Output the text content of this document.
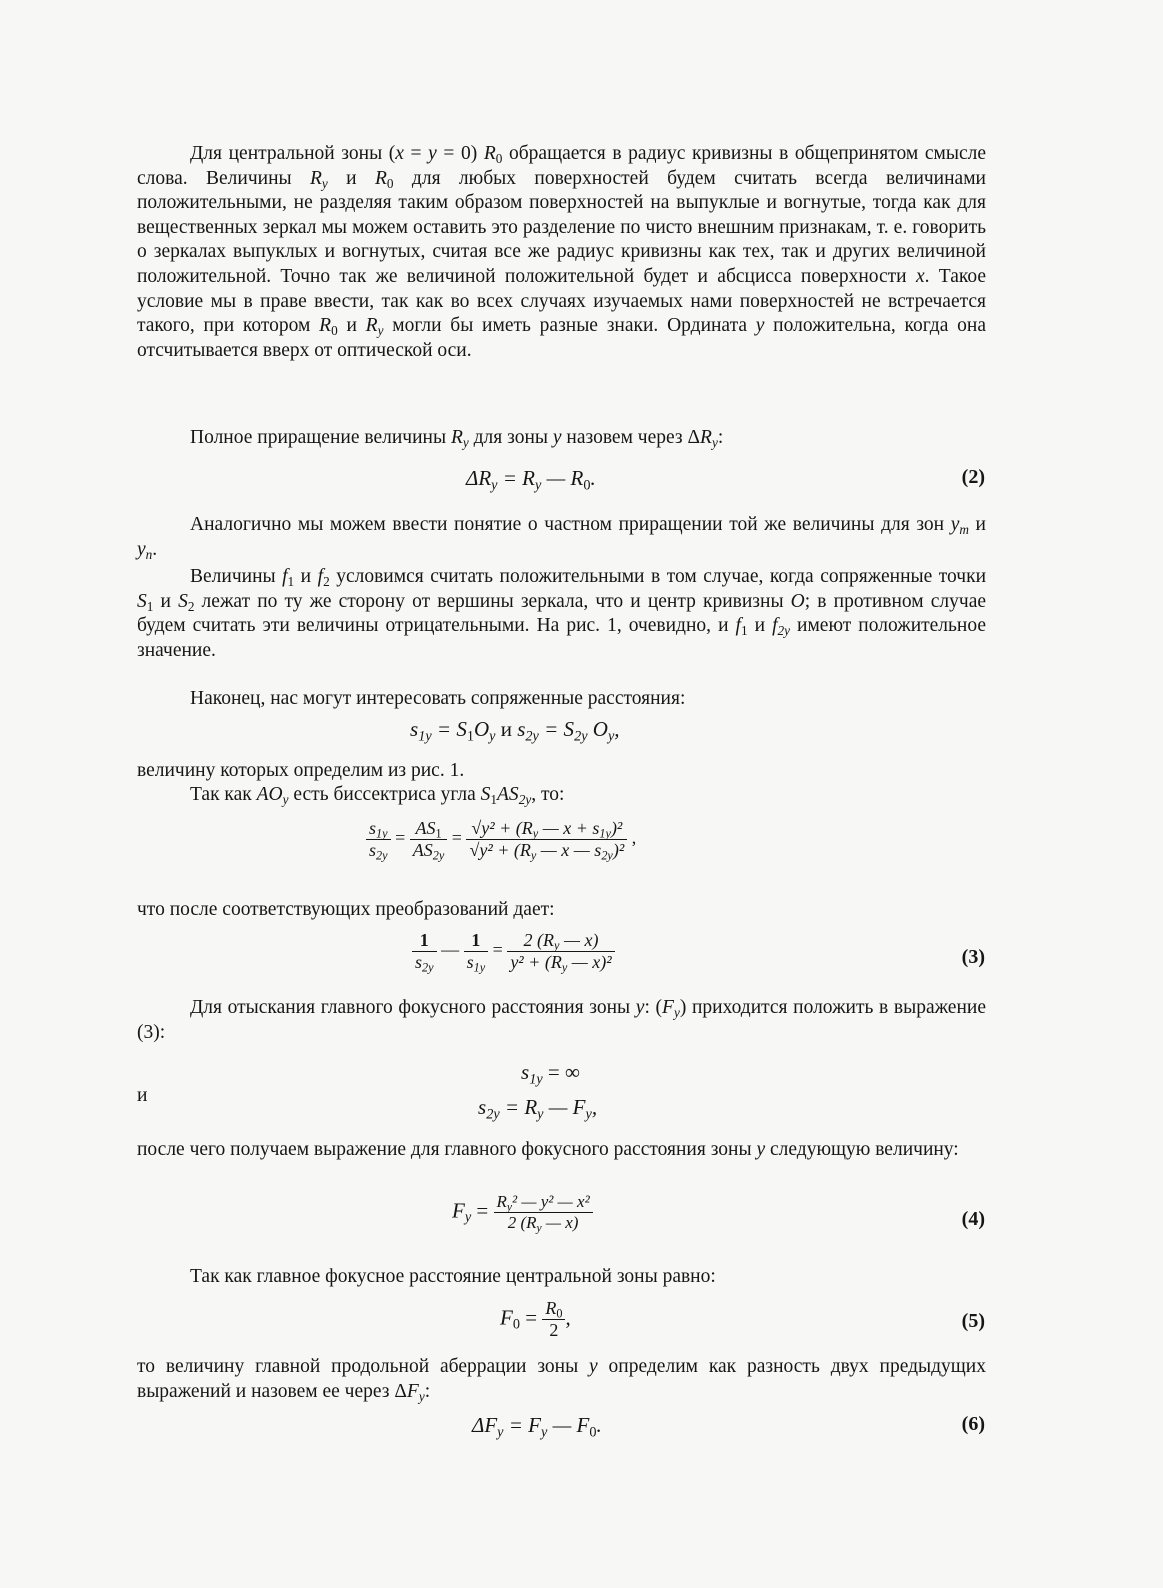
Для центральной зоны (x = y = 0) $R_0$ обращается в радиус кривизны в общепринятом смысле слова. Величины $R_y$ и $R_0$ для любых поверхностей будем считать всегда величинами положительными, не разделяя таким образом поверхностей на выпуклые и вогнутые, тогда как для вещественных зеркал мы можем оставить это разделение по чисто внешним признакам, т. е. говорить о зеркалах выпуклых и вогнутых, считая все же радиус кривизны как тех, так и других величиной положительной. Точно так же величиной положительной будет и абсцисса поверхности x. Такое условие мы в праве ввести, так как во всех случаях изучаемых нами поверхностей не встречается такого, при котором $R_0$ и $R_y$ могли бы иметь разные знаки. Ордината y положительна, когда она отсчитывается вверх от оптической оси.

Полное приращение величины $R_y$ для зоны y назовем через $\Delta R_y$:

$\Delta R_y = R_y$ — $R_0$.	(2)

Аналогично мы можем ввести понятие о частном приращении той же величины для зон $y_m$ и $y_n$.

Величины $f_1$ и $f_2$ условимся считать положительными в том случае, когда сопряженные точки $S_1$ и $S_2$ лежат по ту же сторону от вершины зеркала, что и центр кривизны O; в противном случае будем считать эти величины отрицательными. На рис. 1, очевидно, и $f_1$ и $f_{2y}$ имеют положительное значение.

Наконец, нас могут интересовать сопряженные расстояния:

$s_{1y} = S_1O_y$ и $s_{2y} = S_{2y}$ $O_y$,

величину которых определим из рис. 1.

Так как $AO_y$ есть биссектриса угла $S_1AS_{2y}$, то:

$\frac{s_{1y}}{s_{2y}} = \frac{AS_1}{AS_{2y}} = \frac{√y^2 + (R_y — x + s_{1y})^2}{√y^2 + (R_y — x — s_{2y})^2}$ ,

что после соответствующих преобразований дает:

$\frac{1}{s_{2y}}$ — $\frac{1}{s_{1y}} = \frac{2 (R_y — x)}{y^2 + (R_y — x)^2}$	(3)

Для отыскания главного фокусного расстояния зоны y: $(F_y)$ приходится положить в выражение (3):

$s_{1y}$ = ∞
и	$s_{2y} = R_y$ — $F_y$,

после чего получаем выражение для главного фокусного расстояния зоны y следующую величину:

$F_y = \frac{R_y^2 — y^2 — x^2}{2 (R_y — x)}$	(4)

Так как главное фокусное расстояние центральной зоны равно:

$F_0 = \frac{R_0}{2}$ ,	(5)

то величину главной продольной аберрации зоны y определим как разность двух предыдущих выражений и назовем ее через $\Delta F_y$:

$\Delta F_y = F_y$ — $F_0$.	(6)
